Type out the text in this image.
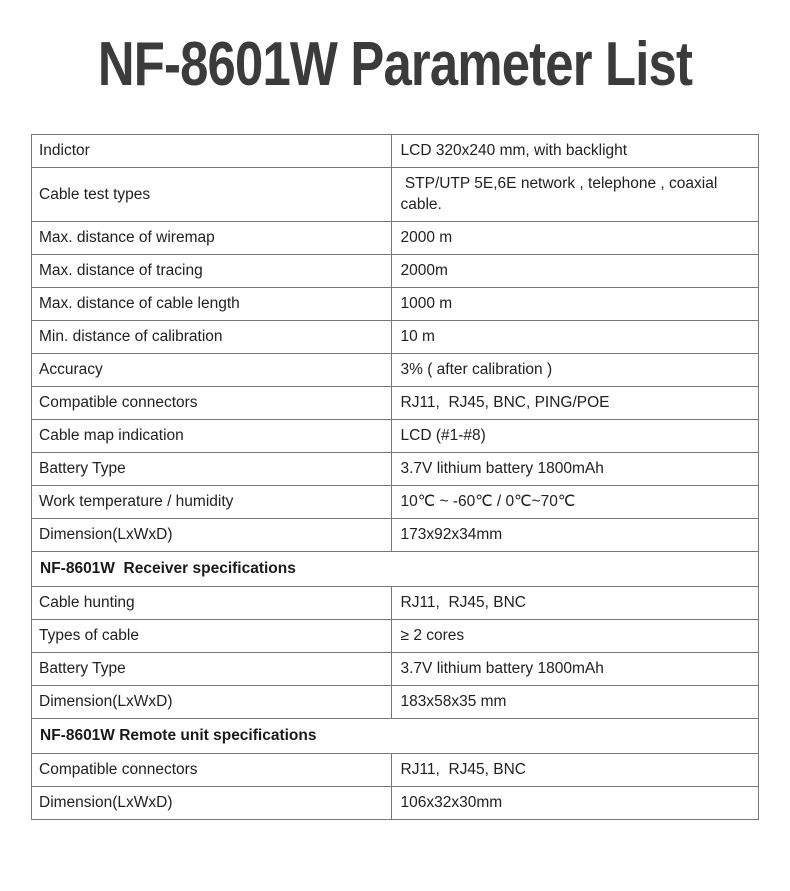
NF-8601W Parameter List
Indictor	LCD 320x240 mm, with backlight
Cable test types	STP/UTP 5E,6E network , telephone , coaxial cable.
Max. distance of wiremap	2000 m
Max. distance of tracing	2000m
Max. distance of cable length	1000 m
Min. distance of calibration	10 m
Accuracy	3% ( after calibration )
Compatible connectors	RJ11,  RJ45, BNC, PING/POE
Cable map indication	LCD (#1-#8)
Battery Type	3.7V lithium battery 1800mAh
Work temperature / humidity	10℃ ~ -60℃ / 0℃~70℃
Dimension(LxWxD)	173x92x34mm
NF-8601W  Receiver specifications	
Cable hunting	RJ11,  RJ45, BNC
Types of cable	≥ 2 cores
Battery Type	3.7V lithium battery 1800mAh
Dimension(LxWxD)	183x58x35 mm
NF-8601W Remote unit specifications	
Compatible connectors	RJ11,  RJ45, BNC
Dimension(LxWxD)	106x32x30mm
